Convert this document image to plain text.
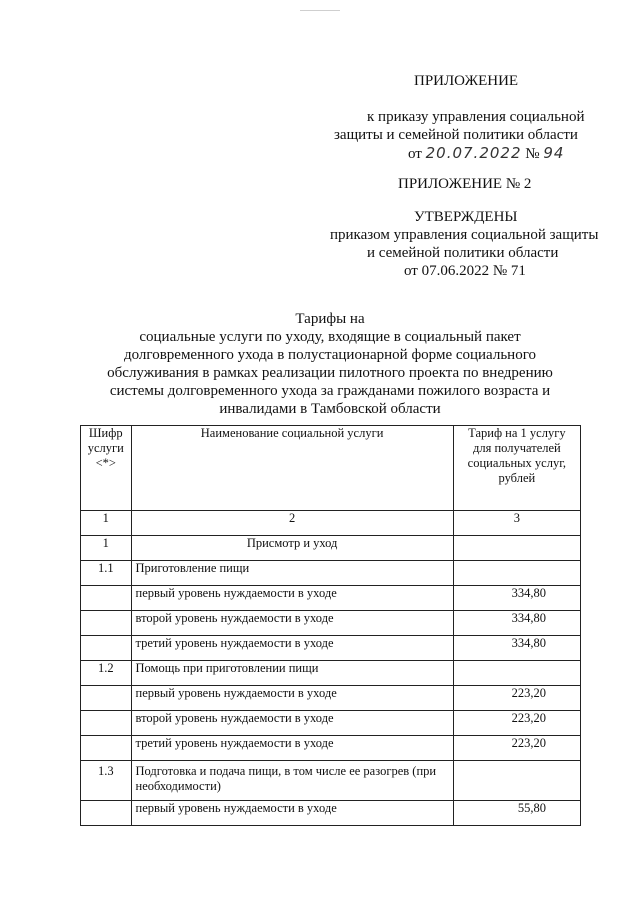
ПРИЛОЖЕНИЕ
к приказу управления социальной
защиты и семейной политики области
от 20.07.2022 № 94
ПРИЛОЖЕНИЕ № 2
УТВЕРЖДЕНЫ
приказом управления социальной защиты
и семейной политики области
от 07.06.2022 № 71
Тарифы на
социальные услуги по уходу, входящие в социальный пакет
долговременного ухода в полустационарной форме социального
обслуживания в рамках реализации пилотного проекта по внедрению
системы долговременного ухода за гражданами пожилого возраста и
инвалидами в Тамбовской области
Шифр услуги <*>	Наименование социальной услуги	Тариф на 1 услугу для получателей социальных услуг, рублей
1	2	3
1	Присмотр и уход	
1.1	Приготовление пищи	
	первый уровень нуждаемости в уходе	334,80
	второй уровень нуждаемости в уходе	334,80
	третий уровень нуждаемости в уходе	334,80
1.2	Помощь при приготовлении пищи	
	первый уровень нуждаемости в уходе	223,20
	второй уровень нуждаемости в уходе	223,20
	третий уровень нуждаемости в уходе	223,20
1.3	Подготовка и подача пищи, в том числе ее разогрев (при необходимости)	
	первый уровень нуждаемости в уходе	55,80
